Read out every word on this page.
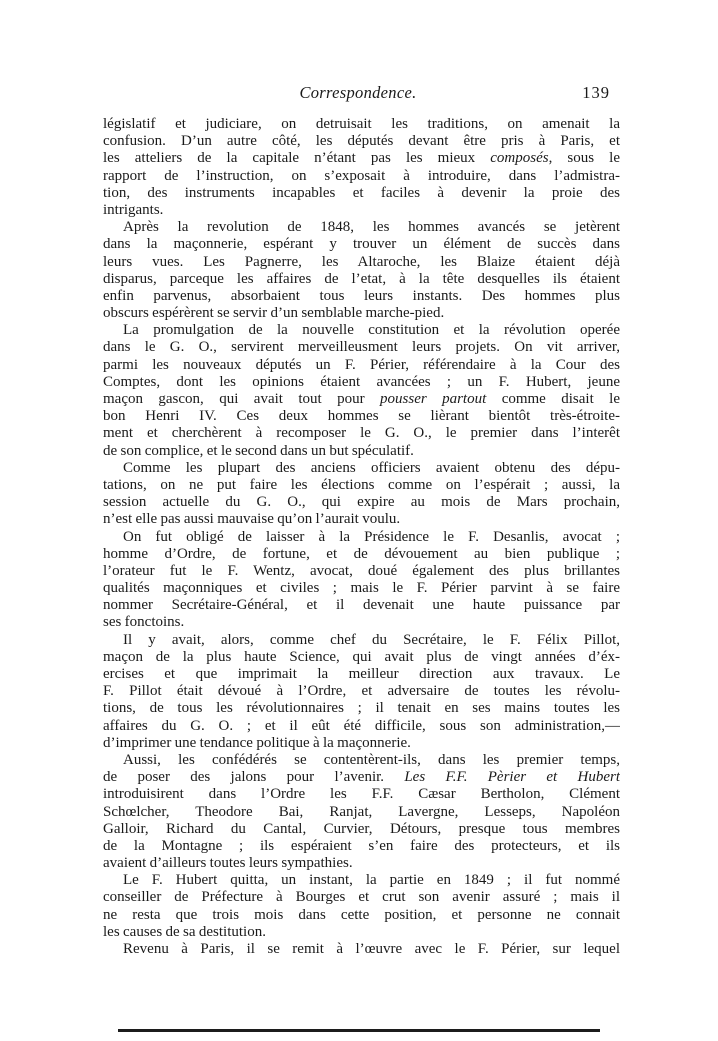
Correspondence.	139
législatif et judiciare, on detruisait les traditions, on amenait la
confusion. D’un autre côté, les députés devant être pris à Paris, et
les atteliers de la capitale n’étant pas les mieux composés, sous le
rapport de l’instruction, on s’exposait à introduire, dans l’admistra-
tion, des instruments incapables et faciles à devenir la proie des
intrigants.
Après la revolution de 1848, les hommes avancés se jetèrent
dans la maçonnerie, espérant y trouver un élément de succès dans
leurs vues. Les Pagnerre, les Altaroche, les Blaize étaient déjà
disparus, parceque les affaires de l’etat, à la tête desquelles ils étaient
enfin parvenus, absorbaient tous leurs instants. Des hommes plus
obscurs espérèrent se servir d’un semblable marche-pied.
La promulgation de la nouvelle constitution et la révolution operée
dans le G. O., servirent merveilleusment leurs projets. On vit arriver,
parmi les nouveaux députés un F. Périer, référendaire à la Cour des
Comptes, dont les opinions étaient avancées ; un F. Hubert, jeune
maçon gascon, qui avait tout pour pousser partout comme disait le
bon Henri IV. Ces deux hommes se lièrant bientôt très-étroite-
ment et cherchèrent à recomposer le G. O., le premier dans l’interêt
de son complice, et le second dans un but spéculatif.
Comme les plupart des anciens officiers avaient obtenu des dépu-
tations, on ne put faire les élections comme on l’espérait ; aussi, la
session actuelle du G. O., qui expire au mois de Mars prochain,
n’est elle pas aussi mauvaise qu’on l’aurait voulu.
On fut obligé de laisser à la Présidence le F. Desanlis, avocat ;
homme d’Ordre, de fortune, et de dévouement au bien publique ;
l’orateur fut le F. Wentz, avocat, doué également des plus brillantes
qualités maçonniques et civiles ; mais le F. Périer parvint à se faire
nommer Secrétaire-Général, et il devenait une haute puissance par
ses fonctoins.
Il y avait, alors, comme chef du Secrétaire, le F. Félix Pillot,
maçon de la plus haute Science, qui avait plus de vingt années d’éx-
ercises et que imprimait la meilleur direction aux travaux. Le
F. Pillot était dévoué à l’Ordre, et adversaire de toutes les révolu-
tions, de tous les révolutionnaires ; il tenait en ses mains toutes les
affaires du G. O. ; et il eût été difficile, sous son administration,—
d’imprimer une tendance politique à la maçonnerie.
Aussi, les confédérés se contentèrent-ils, dans les premier temps,
de poser des jalons pour l’avenir. Les F.F. Pèrier et Hubert
introduisirent dans l’Ordre les F.F. Cæsar Bertholon, Clément
Schœlcher, Theodore Bai, Ranjat, Lavergne, Lesseps, Napoléon
Galloir, Richard du Cantal, Curvier, Détours, presque tous membres
de la Montagne ; ils espéraient s’en faire des protecteurs, et ils
avaient d’ailleurs toutes leurs sympathies.
Le F. Hubert quitta, un instant, la partie en 1849 ; il fut nommé
conseiller de Préfecture à Bourges et crut son avenir assuré ; mais il
ne resta que trois mois dans cette position, et personne ne connait
les causes de sa destitution.
Revenu à Paris, il se remit à l’œuvre avec le F. Périer, sur lequel
